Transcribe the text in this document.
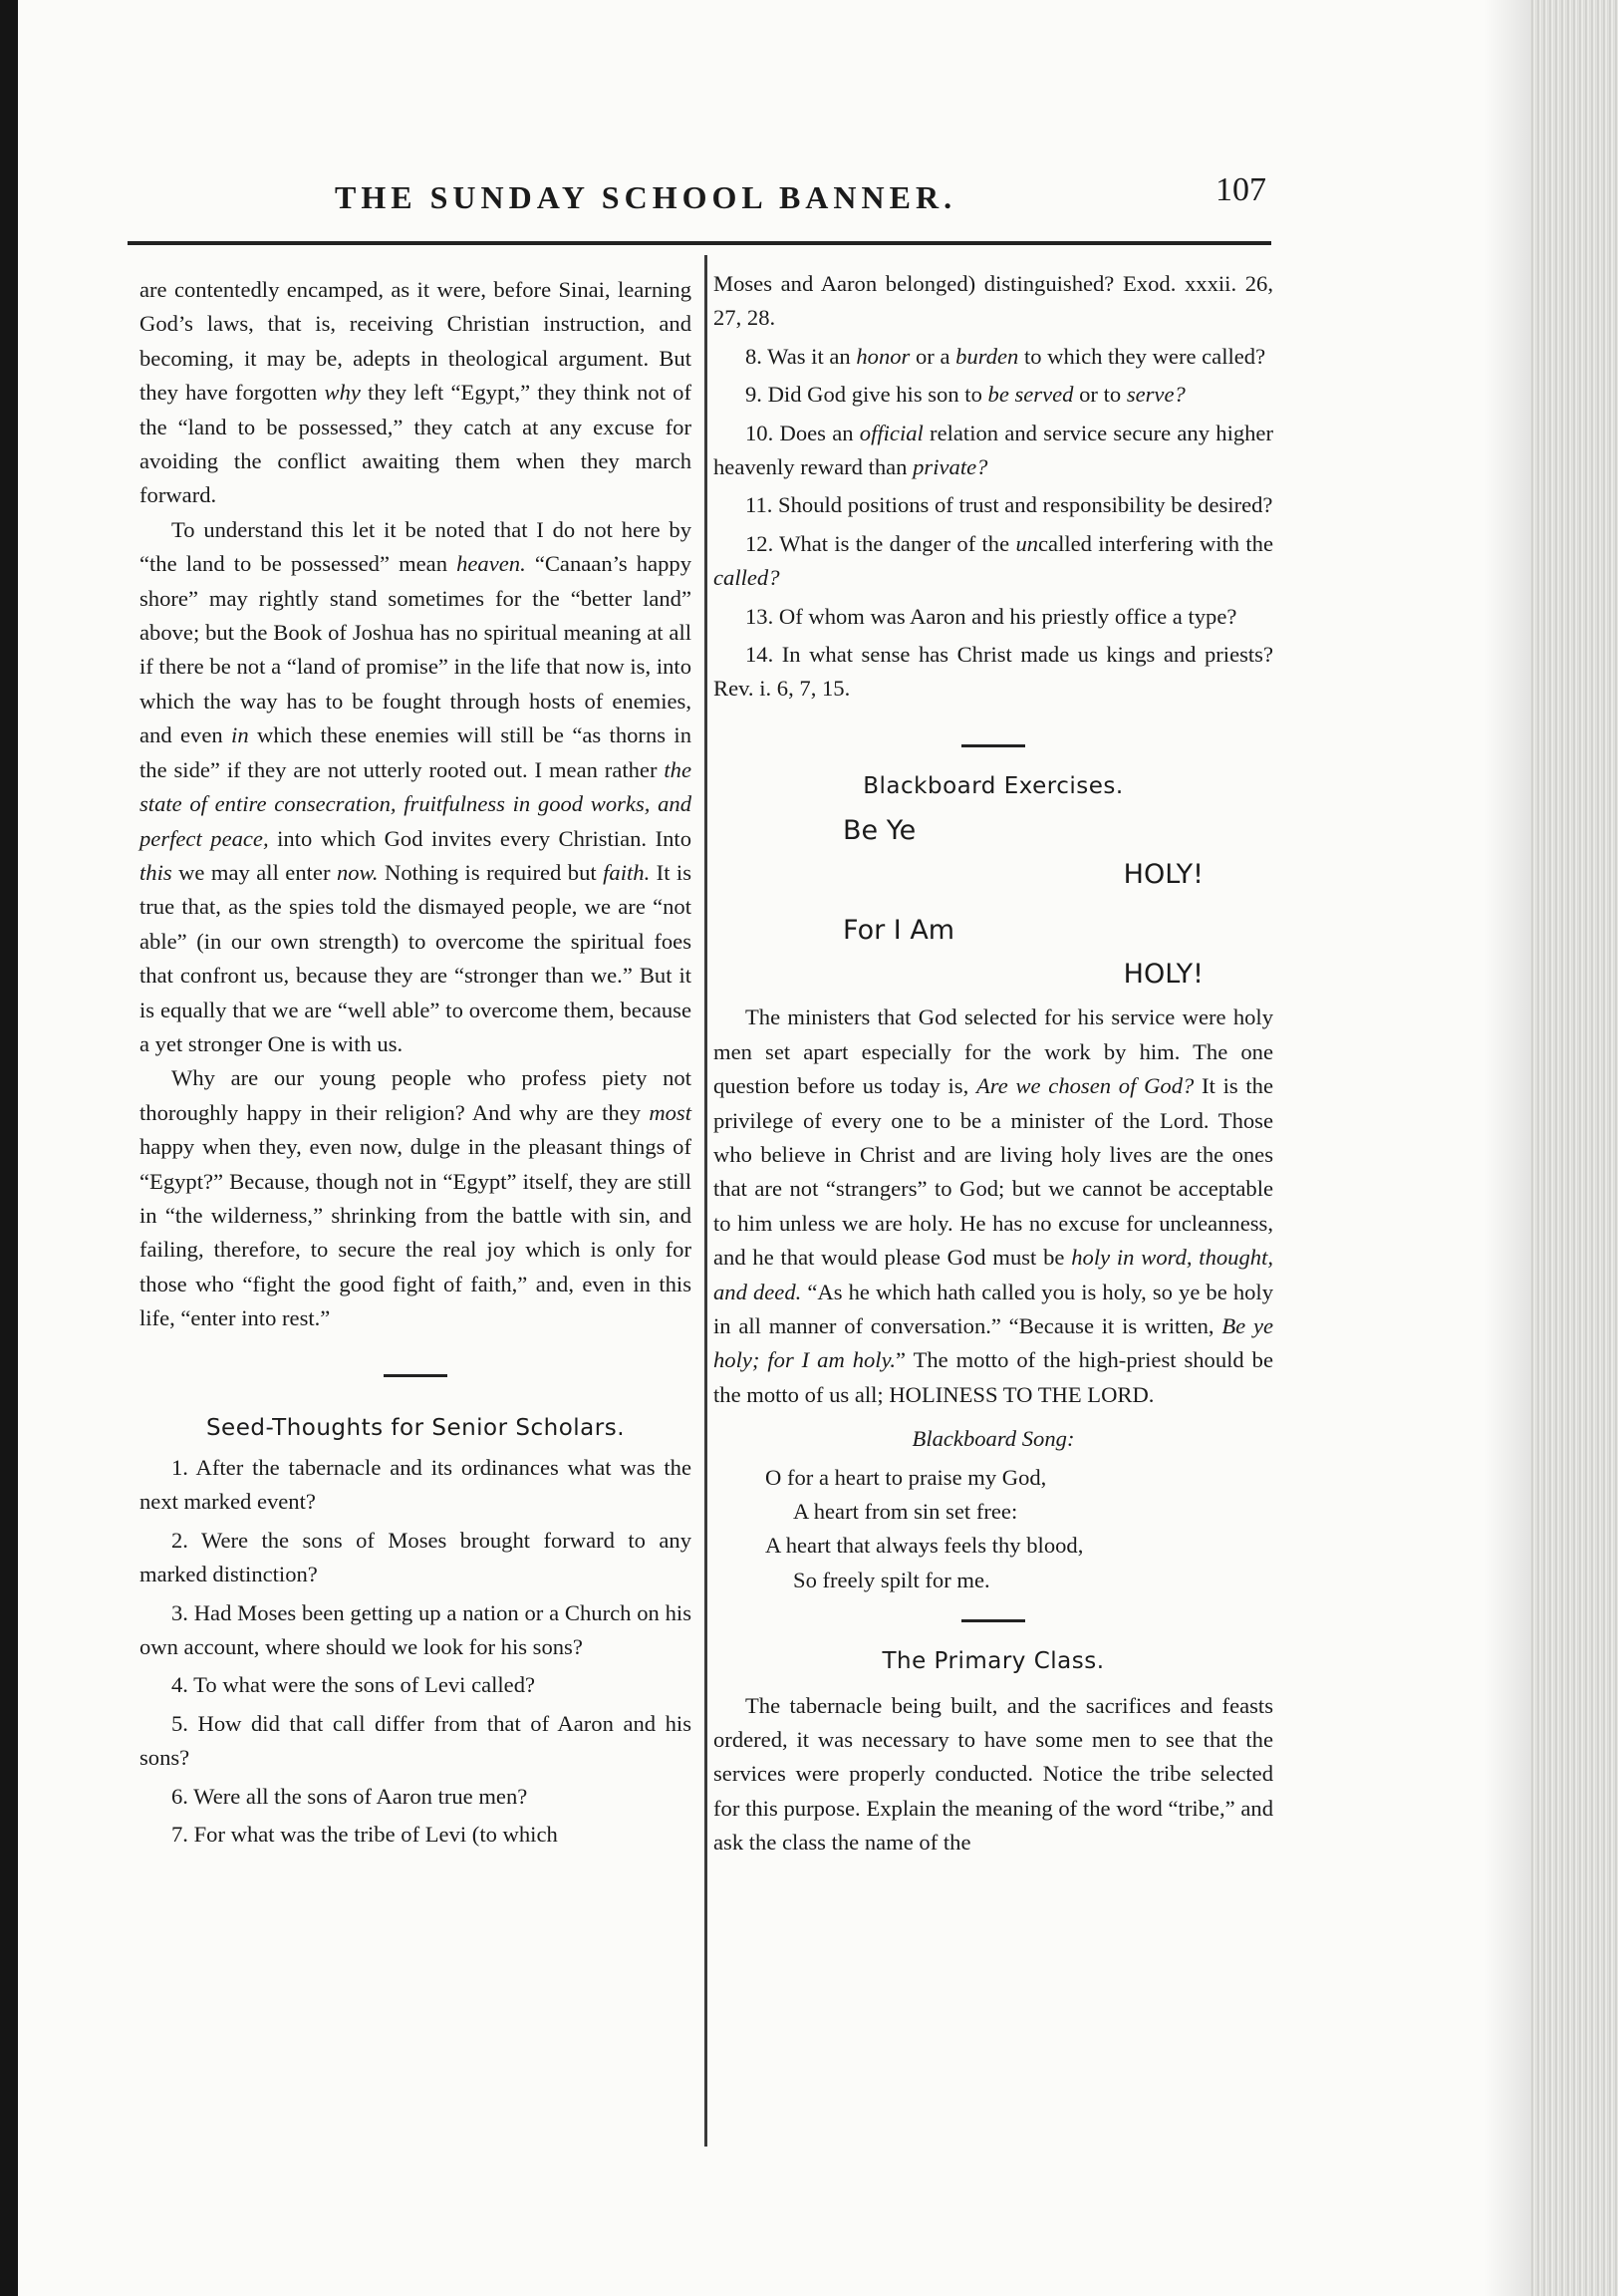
THE SUNDAY SCHOOL BANNER.	107

are contentedly encamped, as it were, before Sinai, learning God’s laws, that is, receiving Christian instruction, and becoming, it may be, adepts in theological argument. But they have forgotten why they left “Egypt,” they think not of the “land to be possessed,” they catch at any excuse for avoiding the conflict awaiting them when they march forward.

To understand this let it be noted that I do not here by “the land to be possessed” mean heaven. “Canaan’s happy shore” may rightly stand sometimes for the “better land” above; but the Book of Joshua has no spiritual meaning at all if there be not a “land of promise” in the life that now is, into which the way has to be fought through hosts of enemies, and even in which these enemies will still be “as thorns in the side” if they are not utterly rooted out. I mean rather the state of entire consecration, fruitfulness in good works, and perfect peace, into which God invites every Christian. Into this we may all enter now. Nothing is required but faith. It is true that, as the spies told the dismayed people, we are “not able” (in our own strength) to overcome the spiritual foes that confront us, because they are “stronger than we.” But it is equally that we are “well able” to overcome them, because a yet stronger One is with us.

Why are our young people who profess piety not thoroughly happy in their religion? And why are they most happy when they, even now, dulge in the pleasant things of “Egypt?” Because, though not in “Egypt” itself, they are still in “the wilderness,” shrinking from the battle with sin, and failing, therefore, to secure the real joy which is only for those who “fight the good fight of faith,” and, even in this life, “enter into rest.”

Seed-Thoughts for Senior Scholars.

1. After the tabernacle and its ordinances what was the next marked event?

2. Were the sons of Moses brought forward to any marked distinction?

3. Had Moses been getting up a nation or a Church on his own account, where should we look for his sons?

4. To what were the sons of Levi called?

5. How did that call differ from that of Aaron and his sons?

6. Were all the sons of Aaron true men?

7. For what was the tribe of Levi (to which

Moses and Aaron belonged) distinguished? Exod. xxxii. 26, 27, 28.

8. Was it an honor or a burden to which they were called?

9. Did God give his son to be served or to serve?

10. Does an official relation and service secure any higher heavenly reward than private?

11. Should positions of trust and responsibility be desired?

12. What is the danger of the uncalled interfering with the called?

13. Of whom was Aaron and his priestly office a type?

14. In what sense has Christ made us kings and priests? Rev. i. 6, 7, 15.

Blackboard Exercises.
Be Ye
HOLY!
For I Am
HOLY!

The ministers that God selected for his service were holy men set apart especially for the work by him. The one question before us today is, Are we chosen of God? It is the privilege of every one to be a minister of the Lord. Those who believe in Christ and are living holy lives are the ones that are not “strangers” to God; but we cannot be acceptable to him unless we are holy. He has no excuse for uncleanness, and he that would please God must be holy in word, thought, and deed. “As he which hath called you is holy, so ye be holy in all manner of conversation.” “Because it is written, Be ye holy; for I am holy.” The motto of the high-priest should be the motto of us all; HOLINESS TO THE LORD.

Blackboard Song:
O for a heart to praise my God,
A heart from sin set free:
A heart that always feels thy blood,
So freely spilt for me.
The Primary Class.

The tabernacle being built, and the sacrifices and feasts ordered, it was necessary to have some men to see that the services were properly conducted. Notice the tribe selected for this purpose. Explain the meaning of the word “tribe,” and ask the class the name of the
